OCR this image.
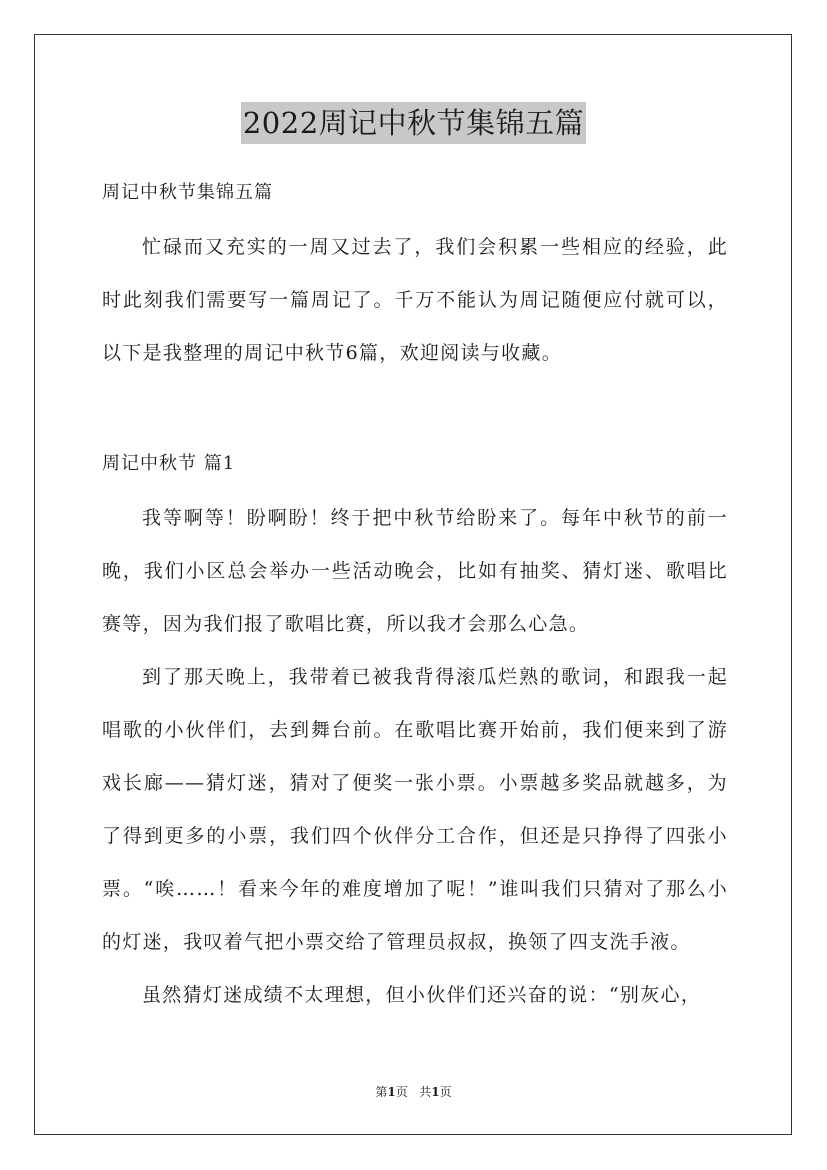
2022周记中秋节集锦五篇
周记中秋节集锦五篇

忙碌而又充实的一周又过去了，我们会积累一些相应的经验，此时此刻我们需要写一篇周记了。千万不能认为周记随便应付就可以，以下是我整理的周记中秋节6篇，欢迎阅读与收藏。

周记中秋节 篇1

我等啊等！盼啊盼！终于把中秋节给盼来了。每年中秋节的前一晚，我们小区总会举办一些活动晚会，比如有抽奖、猜灯迷、歌唱比赛等，因为我们报了歌唱比赛，所以我才会那么心急。

到了那天晚上，我带着已被我背得滚瓜烂熟的歌词，和跟我一起唱歌的小伙伴们，去到舞台前。在歌唱比赛开始前，我们便来到了游戏长廊——猜灯迷，猜对了便奖一张小票。小票越多奖品就越多，为了得到更多的小票，我们四个伙伴分工合作，但还是只挣得了四张小票。“唉……！看来今年的难度增加了呢！”谁叫我们只猜对了那么小的灯迷，我叹着气把小票交给了管理员叔叔，换领了四支洗手液。

虽然猜灯迷成绩不太理想，但小伙伴们还兴奋的说：“别灰心，

第1页 共1页
